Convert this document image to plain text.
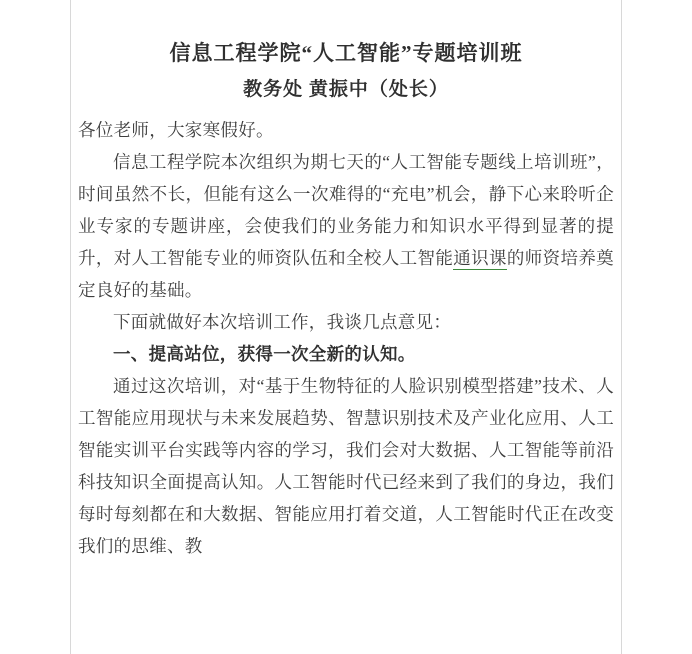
信息工程学院“人工智能”专题培训班
教务处 黄振中（处长）

各位老师，大家寒假好。

信息工程学院本次组织为期七天的“人工智能专题线上培训班”，时间虽然不长，但能有这么一次难得的“充电”机会，静下心来聆听企业专家的专题讲座，会使我们的业务能力和知识水平得到显著的提升，对人工智能专业的师资队伍和全校人工智能通识课的师资培养奠定良好的基础。

下面就做好本次培训工作，我谈几点意见：

一、提高站位，获得一次全新的认知。

通过这次培训，对“基于生物特征的人脸识别模型搭建”技术、人工智能应用现状与未来发展趋势、智慧识别技术及产业化应用、人工智能实训平台实践等内容的学习，我们会对大数据、人工智能等前沿科技知识全面提高认知。人工智能时代已经来到了我们的身边，我们每时每刻都在和大数据、智能应用打着交道，人工智能时代正在改变我们的思维、教
